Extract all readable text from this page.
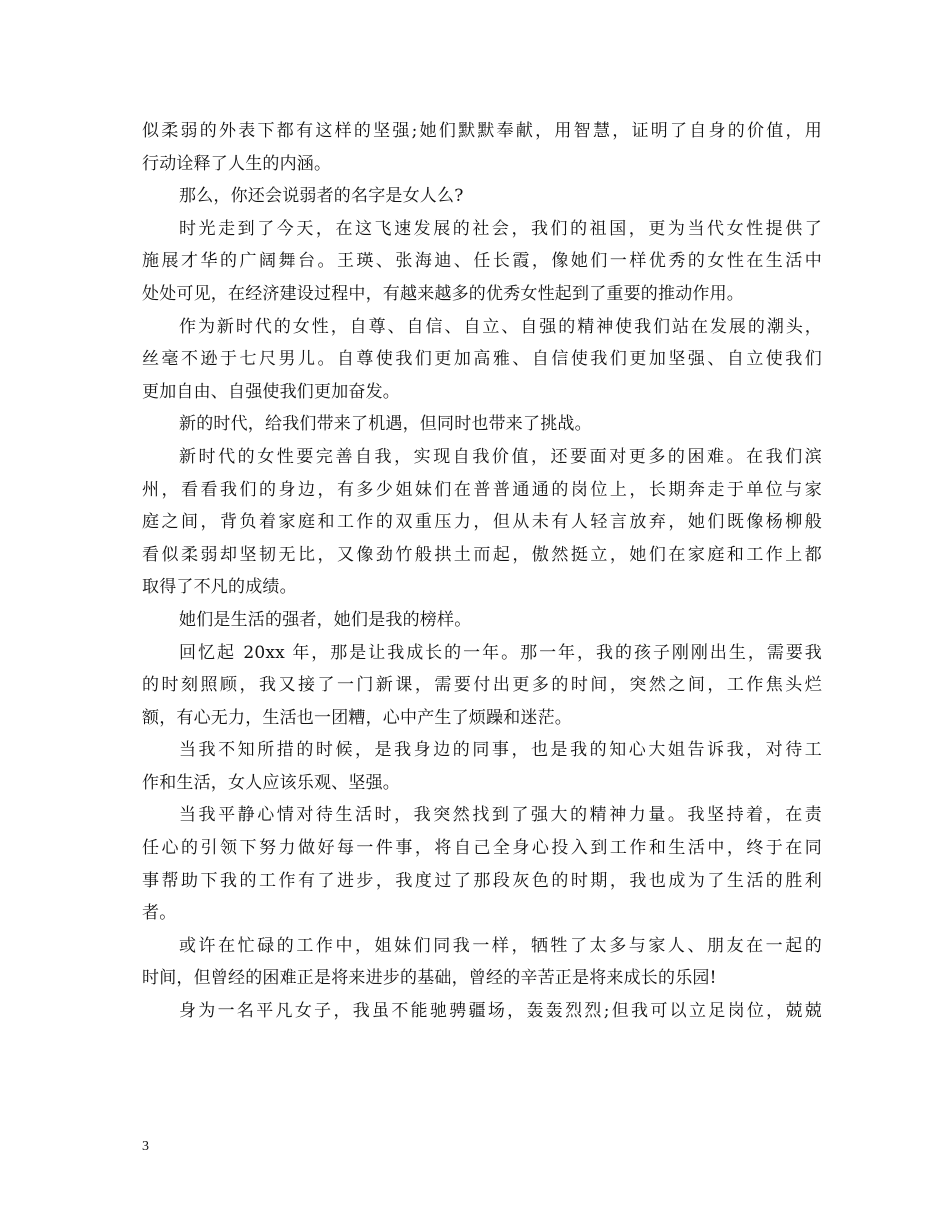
似柔弱的外表下都有这样的坚强;她们默默奉献，用智慧，证明了自身的价值，用
行动诠释了人生的内涵。
那么，你还会说弱者的名字是女人么?
时光走到了今天，在这飞速发展的社会，我们的祖国，更为当代女性提供了
施展才华的广阔舞台。王瑛、张海迪、任长霞，像她们一样优秀的女性在生活中
处处可见，在经济建设过程中，有越来越多的优秀女性起到了重要的推动作用。
作为新时代的女性，自尊、自信、自立、自强的精神使我们站在发展的潮头，
丝毫不逊于七尺男儿。自尊使我们更加高雅、自信使我们更加坚强、自立使我们
更加自由、自强使我们更加奋发。
新的时代，给我们带来了机遇，但同时也带来了挑战。
新时代的女性要完善自我，实现自我价值，还要面对更多的困难。在我们滨
州，看看我们的身边，有多少姐妹们在普普通通的岗位上，长期奔走于单位与家
庭之间，背负着家庭和工作的双重压力，但从未有人轻言放弃，她们既像杨柳般
看似柔弱却坚韧无比，又像劲竹般拱土而起，傲然挺立，她们在家庭和工作上都
取得了不凡的成绩。
她们是生活的强者，她们是我的榜样。
回忆起 20xx 年，那是让我成长的一年。那一年，我的孩子刚刚出生，需要我
的时刻照顾，我又接了一门新课，需要付出更多的时间，突然之间，工作焦头烂
额，有心无力，生活也一团糟，心中产生了烦躁和迷茫。
当我不知所措的时候，是我身边的同事，也是我的知心大姐告诉我，对待工
作和生活，女人应该乐观、坚强。
当我平静心情对待生活时，我突然找到了强大的精神力量。我坚持着，在责
任心的引领下努力做好每一件事，将自己全身心投入到工作和生活中，终于在同
事帮助下我的工作有了进步，我度过了那段灰色的时期，我也成为了生活的胜利
者。
或许在忙碌的工作中，姐妹们同我一样，牺牲了太多与家人、朋友在一起的
时间，但曾经的困难正是将来进步的基础，曾经的辛苦正是将来成长的乐园!
身为一名平凡女子，我虽不能驰骋疆场，轰轰烈烈;但我可以立足岗位，兢兢
3
